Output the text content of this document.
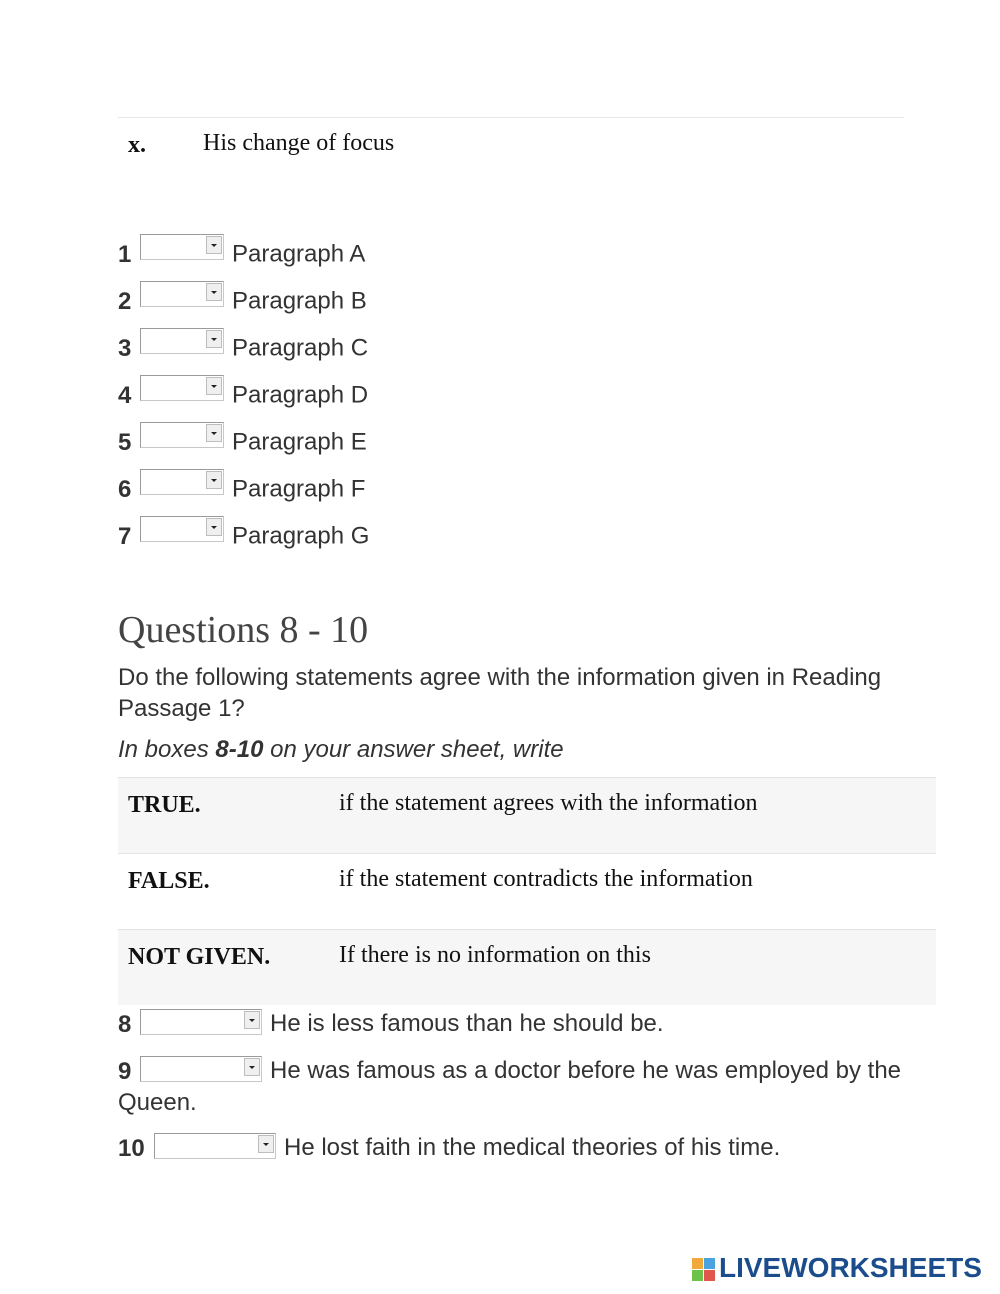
x. His change of focus
1	Paragraph A
2	Paragraph B
3	Paragraph C
4	Paragraph D
5	Paragraph E
6	Paragraph F
7	Paragraph G
Questions 8 - 10
Do the following statements agree with the information given in Reading Passage 1?
In boxes 8-10 on your answer sheet, write
TRUE.	if the statement agrees with the information
FALSE.	if the statement contradicts the information
NOT GIVEN.	If there is no information on this
8	He is less famous than he should be.
9	He was famous as a doctor before he was employed by the Queen.
10	He lost faith in the medical theories of his time.
LIVEWORKSHEETS
